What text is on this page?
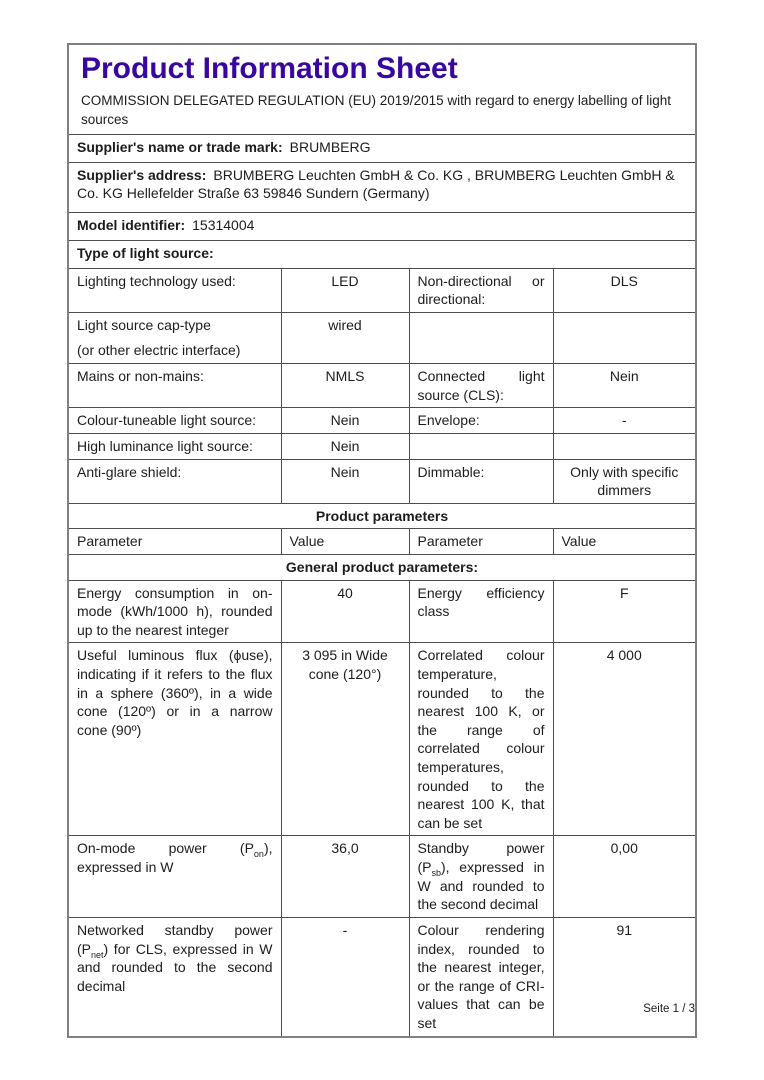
Product Information Sheet

COMMISSION DELEGATED REGULATION (EU) 2019/2015 with regard to energy labelling of light sources

Supplier's name or trade mark: BRUMBERG			
Supplier's address: BRUMBERG Leuchten GmbH & Co. KG , BRUMBERG Leuchten GmbH & Co. KG Hellefelder Straße 63 59846 Sundern (Germany)			
Model identifier: 15314004			
Type of light source:			
Lighting technology used:	LED	Non-directional or directional:	DLS

Light source cap-type
(or other electric interface)	wired		
Mains or non-mains:	NMLS	Connected light source (CLS):	Nein
Colour-tuneable light source:	Nein	Envelope:	-
High luminance light source:	Nein		
Anti-glare shield:	Nein	Dimmable:	Only with specific dimmers
Product parameters			
Parameter	Value	Parameter	Value
General product parameters:			
Energy consumption in on-mode (kWh/1000 h), rounded up to the nearest integer	40	Energy efficiency class	F
Useful luminous flux (ϕuse), indicating if it refers to the flux in a sphere (360º), in a wide cone (120º) or in a narrow cone (90º)	3 095 in Wide cone (120°)	Correlated colour temperature, rounded to the nearest 100 K, or the range of correlated colour temperatures, rounded to the nearest 100 K, that can be set	4 000
On-mode power $(P_{on})$, expressed in W	36,0	Standby power $(P_{sb})$, expressed in W and rounded to the second decimal	0,00
Networked standby power $(P_{net})$ for CLS, expressed in W and rounded to the second decimal	-	Colour rendering index, rounded to the nearest integer, or the range of CRI-values that can be set	91
Seite 1 / 3
